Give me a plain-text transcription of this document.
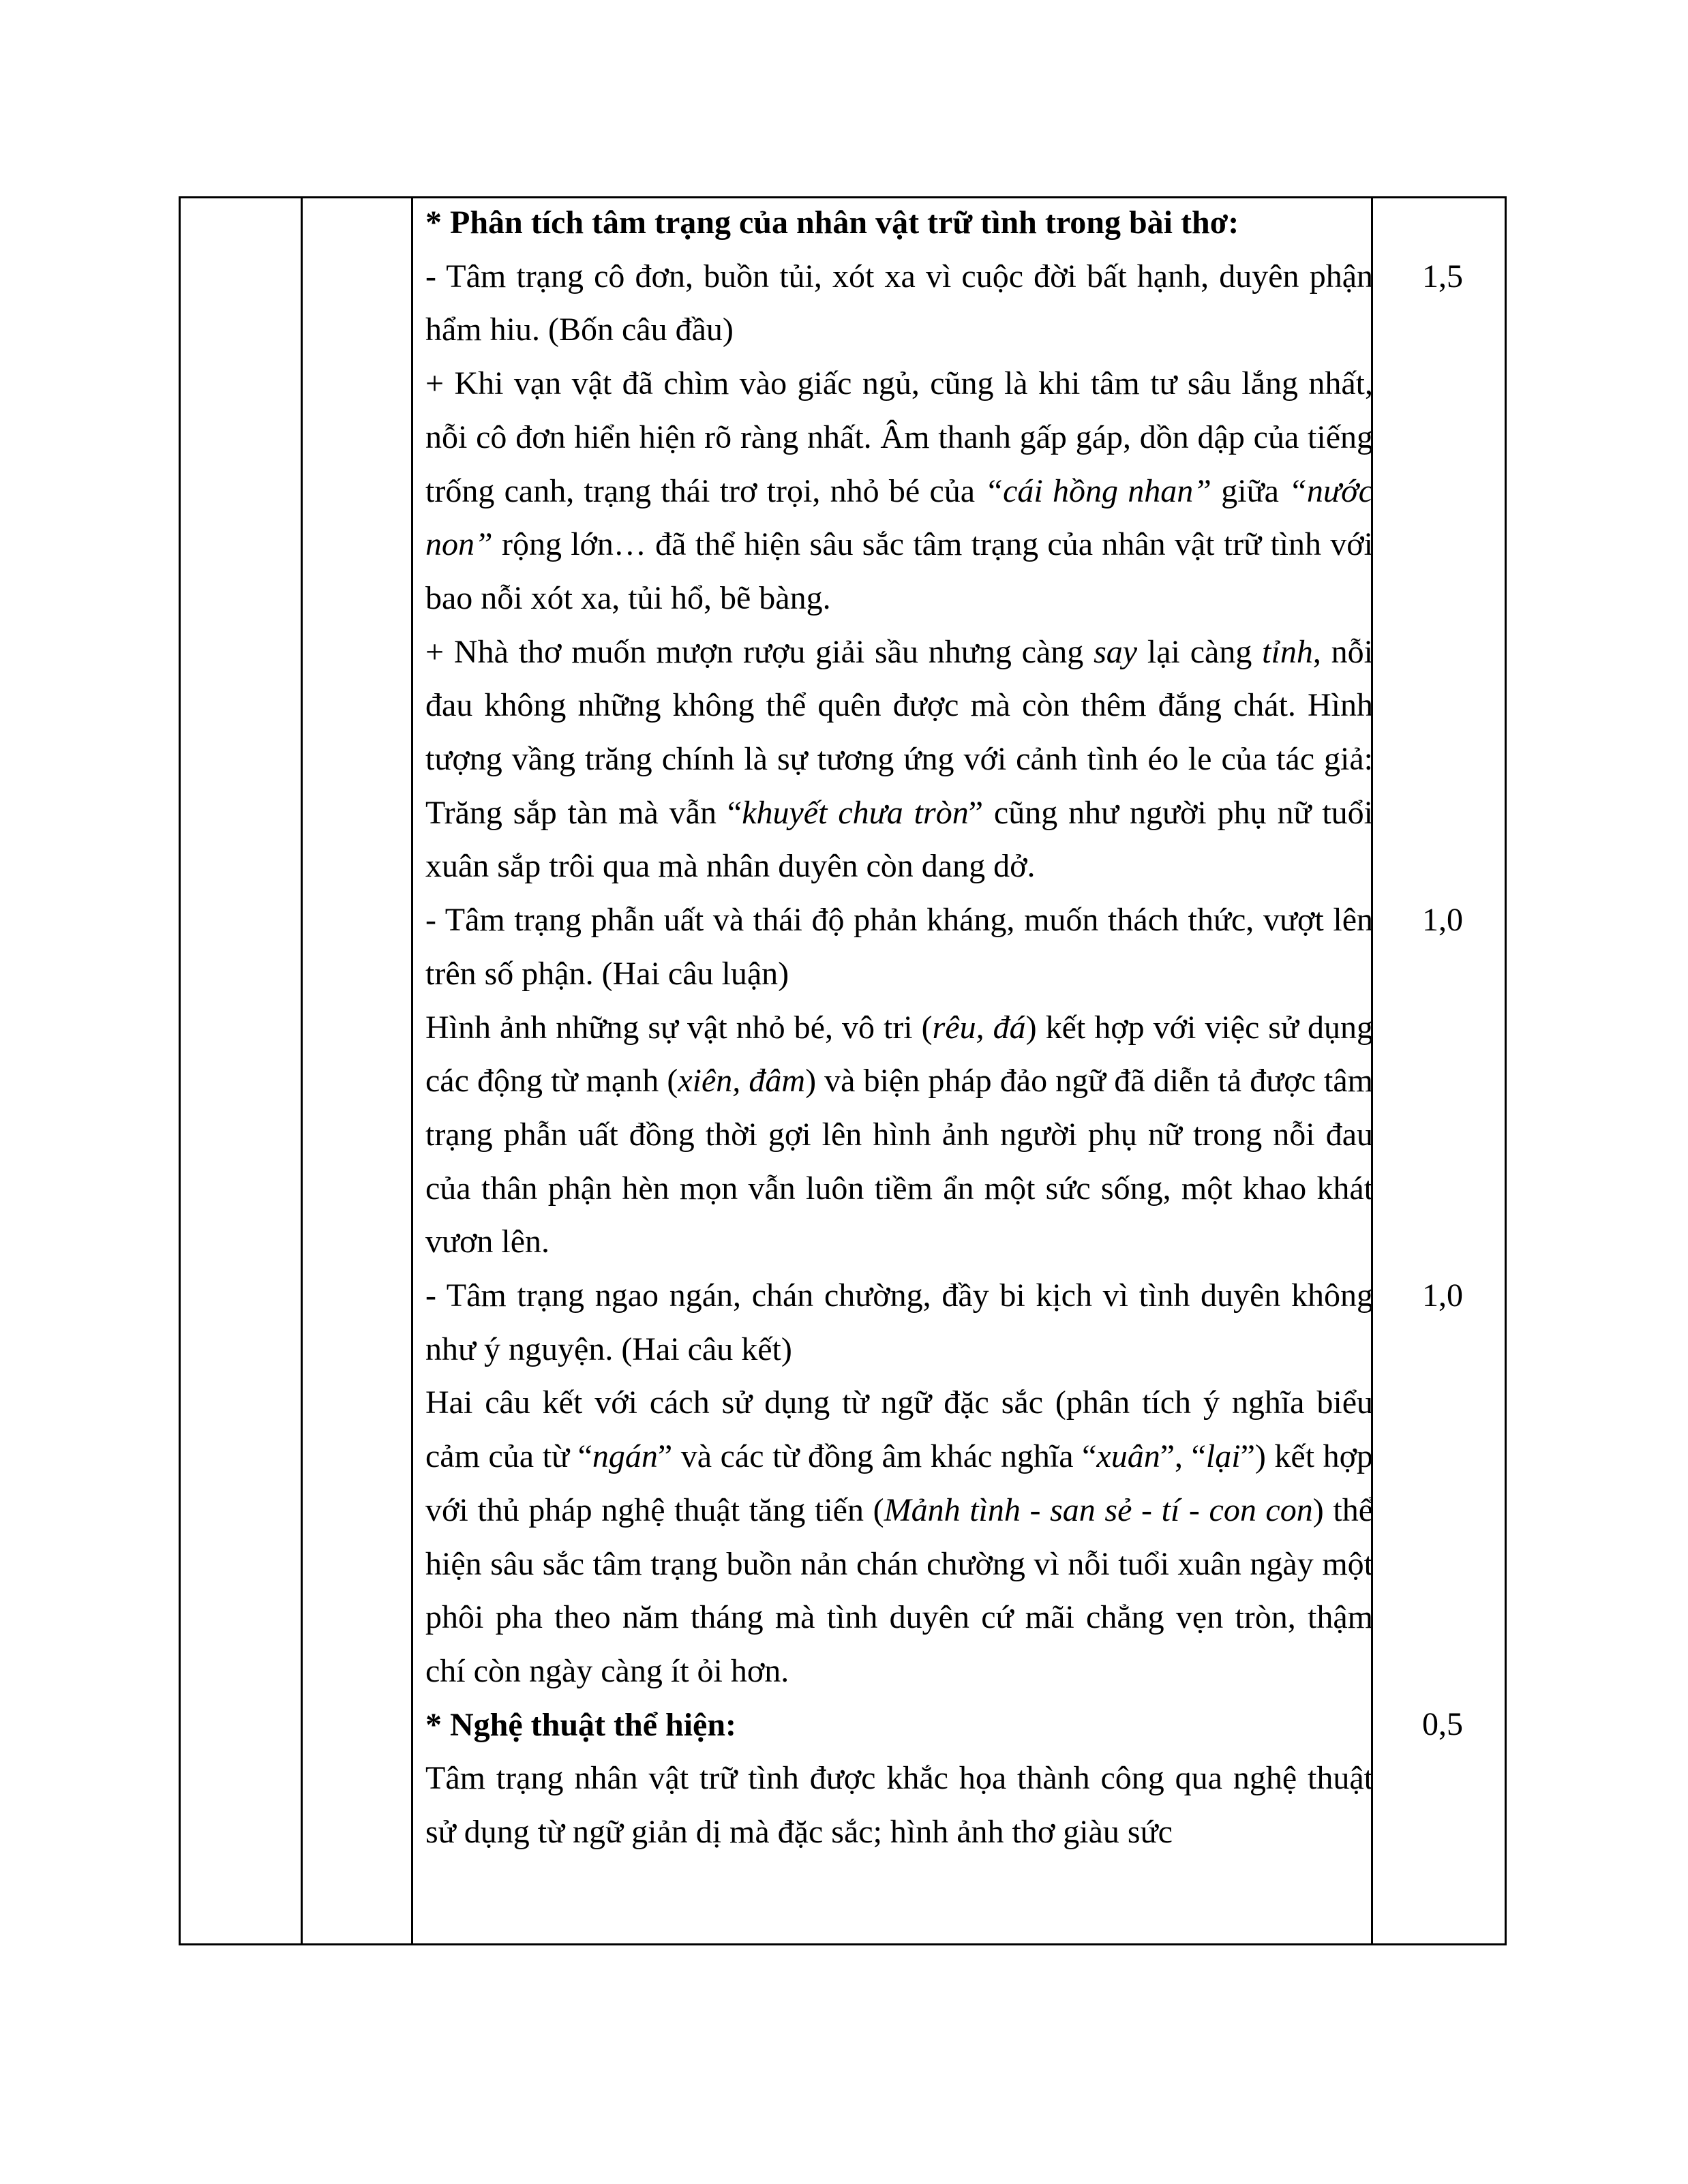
* Phân tích tâm trạng của nhân vật trữ tình trong bài thơ:

- Tâm trạng cô đơn, buồn tủi, xót xa vì cuộc đời bất hạnh, duyên phận hẩm hiu. (Bốn câu đầu)

+ Khi vạn vật đã chìm vào giấc ngủ, cũng là khi tâm tư sâu lắng nhất, nỗi cô đơn hiển hiện rõ ràng nhất. Âm thanh gấp gáp, dồn dập của tiếng trống canh, trạng thái trơ trọi, nhỏ bé của “cái hồng nhan” giữa “nước non” rộng lớn… đã thể hiện sâu sắc tâm trạng của nhân vật trữ tình với bao nỗi xót xa, tủi hổ, bẽ bàng.

+ Nhà thơ muốn mượn rượu giải sầu nhưng càng say lại càng tỉnh, nỗi đau không những không thể quên được mà còn thêm đắng chát. Hình tượng vầng trăng chính là sự tương ứng với cảnh tình éo le của tác giả: Trăng sắp tàn mà vẫn “khuyết chưa tròn” cũng như người phụ nữ tuổi xuân sắp trôi qua mà nhân duyên còn dang dở.

- Tâm trạng phẫn uất và thái độ phản kháng, muốn thách thức, vượt lên trên số phận. (Hai câu luận)

Hình ảnh những sự vật nhỏ bé, vô tri (rêu, đá) kết hợp với việc sử dụng các động từ mạnh (xiên, đâm) và biện pháp đảo ngữ đã diễn tả được tâm trạng phẫn uất đồng thời gợi lên hình ảnh người phụ nữ trong nỗi đau của thân phận hèn mọn vẫn luôn tiềm ẩn một sức sống, một khao khát vươn lên.

- Tâm trạng ngao ngán, chán chường, đầy bi kịch vì tình duyên không như ý nguyện. (Hai câu kết)

Hai câu kết với cách sử dụng từ ngữ đặc sắc (phân tích ý nghĩa biểu cảm của từ “ngán” và các từ đồng âm khác nghĩa “xuân”, “lại”) kết hợp với thủ pháp nghệ thuật tăng tiến (Mảnh tình - san sẻ - tí - con con) thể hiện sâu sắc tâm trạng buồn nản chán chường vì nỗi tuổi xuân ngày một phôi pha theo năm tháng mà tình duyên cứ mãi chẳng vẹn tròn, thậm chí còn ngày càng ít ỏi hơn.

* Nghệ thuật thể hiện:

Tâm trạng nhân vật trữ tình được khắc họa thành công qua nghệ thuật sử dụng từ ngữ giản dị mà đặc sắc; hình ảnh thơ giàu sức

1,5
1,0
1,0
0,5
